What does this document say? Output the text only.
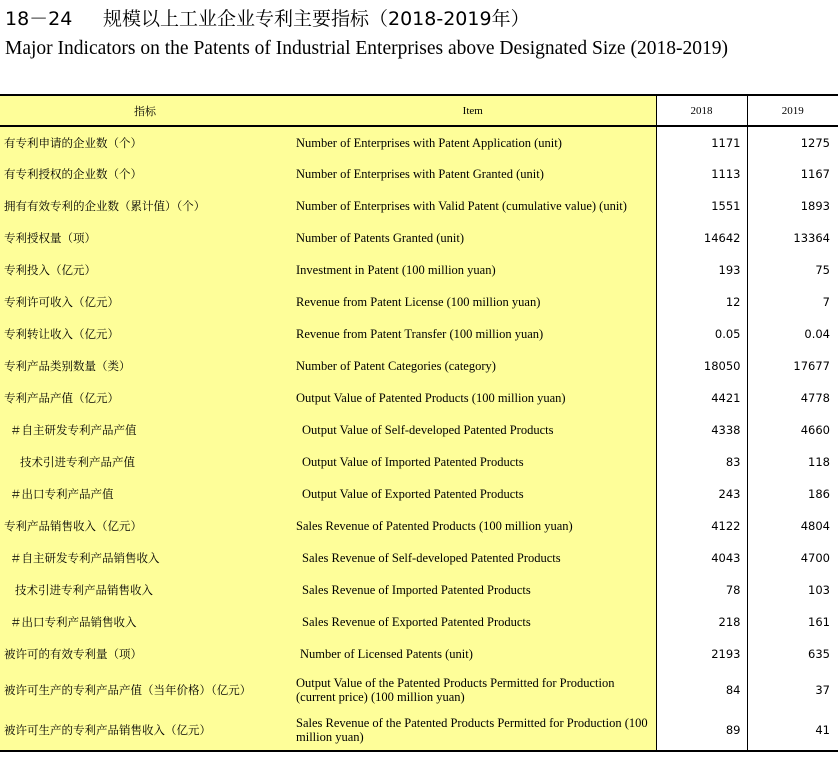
18－24 规模以上工业企业专利主要指标（2018-2019年）
Major Indicators on the Patents of Industrial Enterprises above Designated Size (2018-2019)
指标	Item	2018	2019
有专利申请的企业数（个）	Number of Enterprises with Patent Application (unit)	1171	1275
有专利授权的企业数（个）	Number of Enterprises with Patent Granted (unit)	1113	1167
拥有有效专利的企业数（累计值）（个）	Number of Enterprises with Valid Patent (cumulative value) (unit)	1551	1893
专利授权量（项）	Number of Patents Granted (unit)	14642	13364
专利投入（亿元）	Investment in Patent (100 million yuan)	193	75
专利许可收入（亿元）	Revenue from Patent License (100 million yuan)	12	7
专利转让收入（亿元）	Revenue from Patent Transfer (100 million yuan)	0.05	0.04
专利产品类别数量（类）	Number of Patent Categories (category)	18050	17677
专利产品产值（亿元）	Output Value of Patented Products (100 million yuan)	4421	4778
＃自主研发专利产品产值	Output Value of Self-developed Patented Products	4338	4660
技术引进专利产品产值	Output Value of Imported Patented Products	83	118
＃出口专利产品产值	Output Value of Exported Patented Products	243	186
专利产品销售收入（亿元）	Sales Revenue of Patented Products (100 million yuan)	4122	4804
＃自主研发专利产品销售收入	Sales Revenue of Self-developed Patented Products	4043	4700
技术引进专利产品销售收入	Sales Revenue of Imported Patented Products	78	103
＃出口专利产品销售收入	Sales Revenue of Exported Patented Products	218	161
被许可的有效专利量（项）	Number of Licensed Patents (unit)	2193	635
被许可生产的专利产品产值（当年价格）（亿元）	Output Value of the Patented Products Permitted for Production (current price) (100 million yuan)	84	37
被许可生产的专利产品销售收入（亿元）	Sales Revenue of the Patented Products Permitted for Production (100 million yuan)	89	41
